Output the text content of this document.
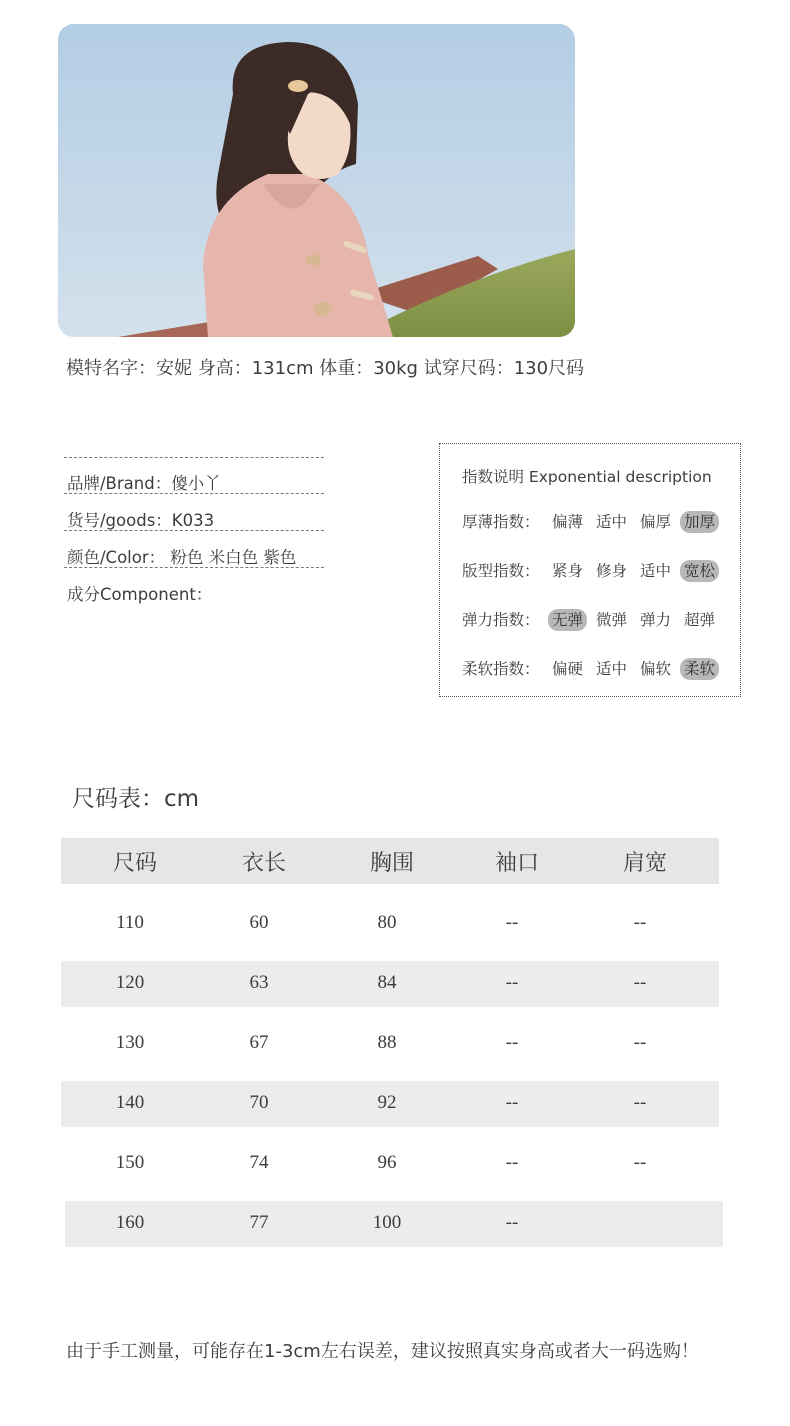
模特名字：安妮 身高：131cm 体重：30kg 试穿尺码：130尺码
品牌/Brand：傻小丫
货号/goods：K033
颜色/Color： 粉色 米白色 紫色
成分Component：
指数说明 Exponential description
厚薄指数： 偏薄 适中 偏厚 加厚
版型指数： 紧身 修身 适中 宽松
弹力指数： 无弹 微弹 弹力 超弹
柔软指数： 偏硬 适中 偏软 柔软
尺码表：cm
尺码	衣长	胸围	袖口	肩宽
110	60	80	--	--
120	63	84	--	--
130	67	88	--	--
140	70	92	--	--
150	74	96	--	--
160	77	100	--
由于手工测量，可能存在1-3cm左右误差，建议按照真实身高或者大一码选购！
